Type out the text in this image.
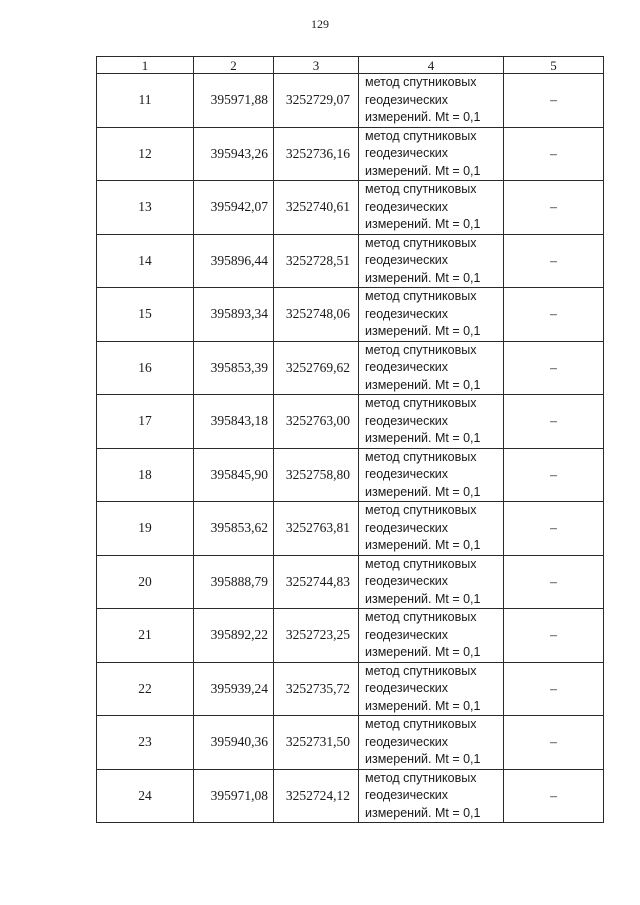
129
1	2	3	4	5
11	395971,88	3252729,07	метод спутниковых
геодезических
измерений. Mt = 0,1	–
12	395943,26	3252736,16	метод спутниковых
геодезических
измерений. Mt = 0,1	–
13	395942,07	3252740,61	метод спутниковых
геодезических
измерений. Mt = 0,1	–
14	395896,44	3252728,51	метод спутниковых
геодезических
измерений. Mt = 0,1	–
15	395893,34	3252748,06	метод спутниковых
геодезических
измерений. Mt = 0,1	–
16	395853,39	3252769,62	метод спутниковых
геодезических
измерений. Mt = 0,1	–
17	395843,18	3252763,00	метод спутниковых
геодезических
измерений. Mt = 0,1	–
18	395845,90	3252758,80	метод спутниковых
геодезических
измерений. Mt = 0,1	–
19	395853,62	3252763,81	метод спутниковых
геодезических
измерений. Mt = 0,1	–
20	395888,79	3252744,83	метод спутниковых
геодезических
измерений. Mt = 0,1	–
21	395892,22	3252723,25	метод спутниковых
геодезических
измерений. Mt = 0,1	–
22	395939,24	3252735,72	метод спутниковых
геодезических
измерений. Mt = 0,1	–
23	395940,36	3252731,50	метод спутниковых
геодезических
измерений. Mt = 0,1	–
24	395971,08	3252724,12	метод спутниковых
геодезических
измерений. Mt = 0,1	–
